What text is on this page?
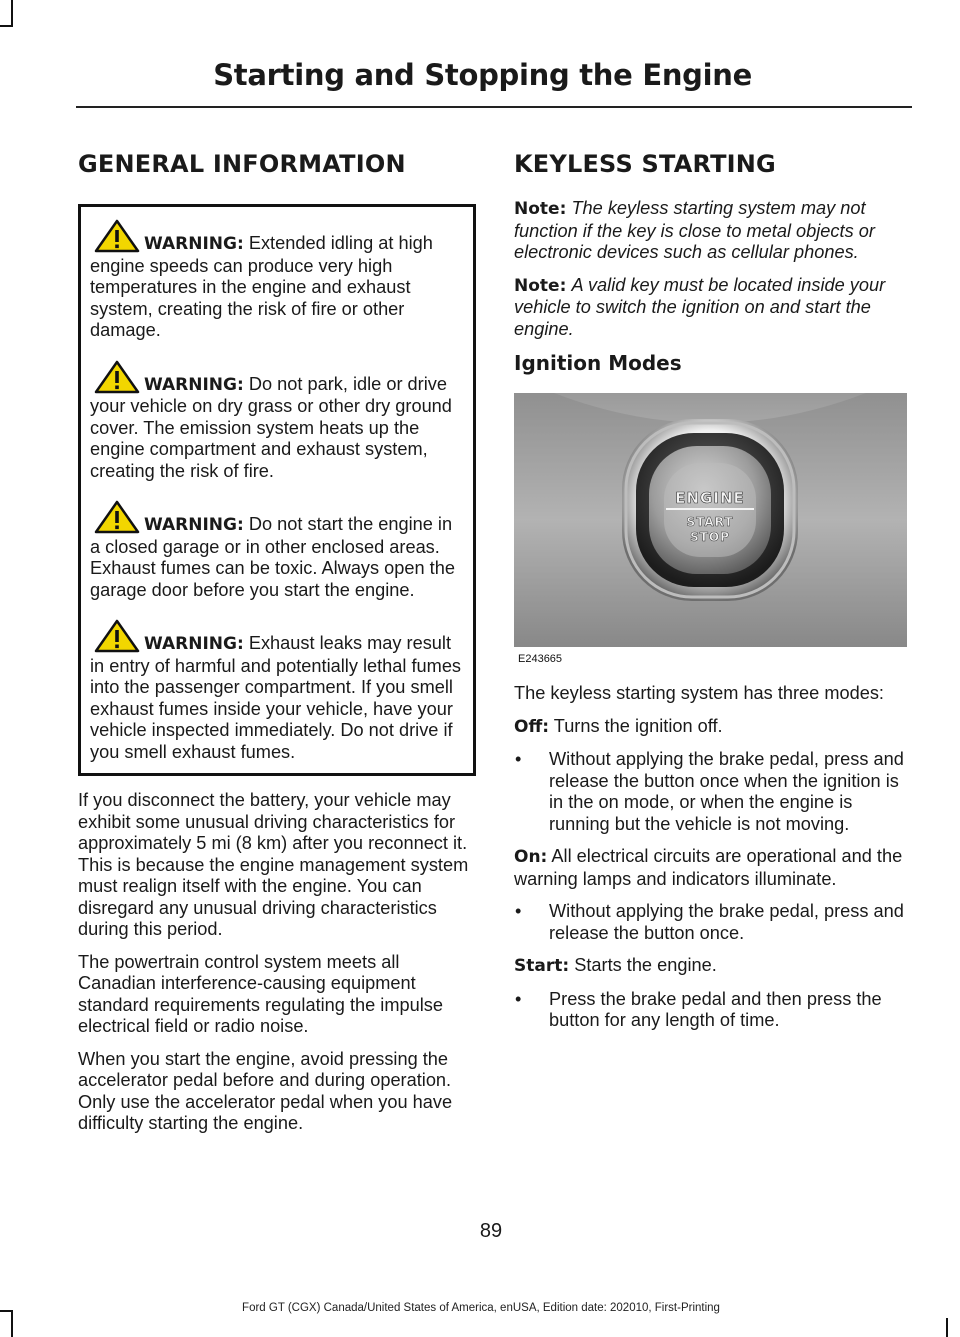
Starting and Stopping the Engine
GENERAL INFORMATION

WARNING: Extended idling at high engine speeds can produce very high temperatures in the engine and exhaust system, creating the risk of fire or other damage.

WARNING: Do not park, idle or drive your vehicle on dry grass or other dry ground cover. The emission system heats up the engine compartment and exhaust system, creating the risk of fire.

WARNING: Do not start the engine in a closed garage or in other enclosed areas. Exhaust fumes can be toxic. Always open the garage door before you start the engine.

WARNING: Exhaust leaks may result in entry of harmful and potentially lethal fumes into the passenger compartment. If you smell exhaust fumes inside your vehicle, have your vehicle inspected immediately. Do not drive if you smell exhaust fumes.

If you disconnect the battery, your vehicle may exhibit some unusual driving characteristics for approximately 5 mi (8 km) after you reconnect it. This is because the engine management system must realign itself with the engine. You can disregard any unusual driving characteristics during this period.

The powertrain control system meets all Canadian interference-causing equipment standard requirements regulating the impulse electrical field or radio noise.

When you start the engine, avoid pressing the accelerator pedal before and during operation. Only use the accelerator pedal when you have difficulty starting the engine.

KEYLESS STARTING

Note: The keyless starting system may not function if the key is close to metal objects or electronic devices such as cellular phones.

Note: A valid key must be located inside your vehicle to switch the ignition on and start the engine.

Ignition Modes
ENGINE
START
STOP
E243665

The keyless starting system has three modes:

Off: Turns the ignition off.

• Without applying the brake pedal, press and release the button once when the ignition is in the on mode, or when the engine is running but the vehicle is not moving.

On: All electrical circuits are operational and the warning lamps and indicators illuminate.

• Without applying the brake pedal, press and release the button once.

Start: Starts the engine.

• Press the brake pedal and then press the button for any length of time.
89
Ford GT (CGX) Canada/United States of America, enUSA, Edition date: 202010, First-Printing
